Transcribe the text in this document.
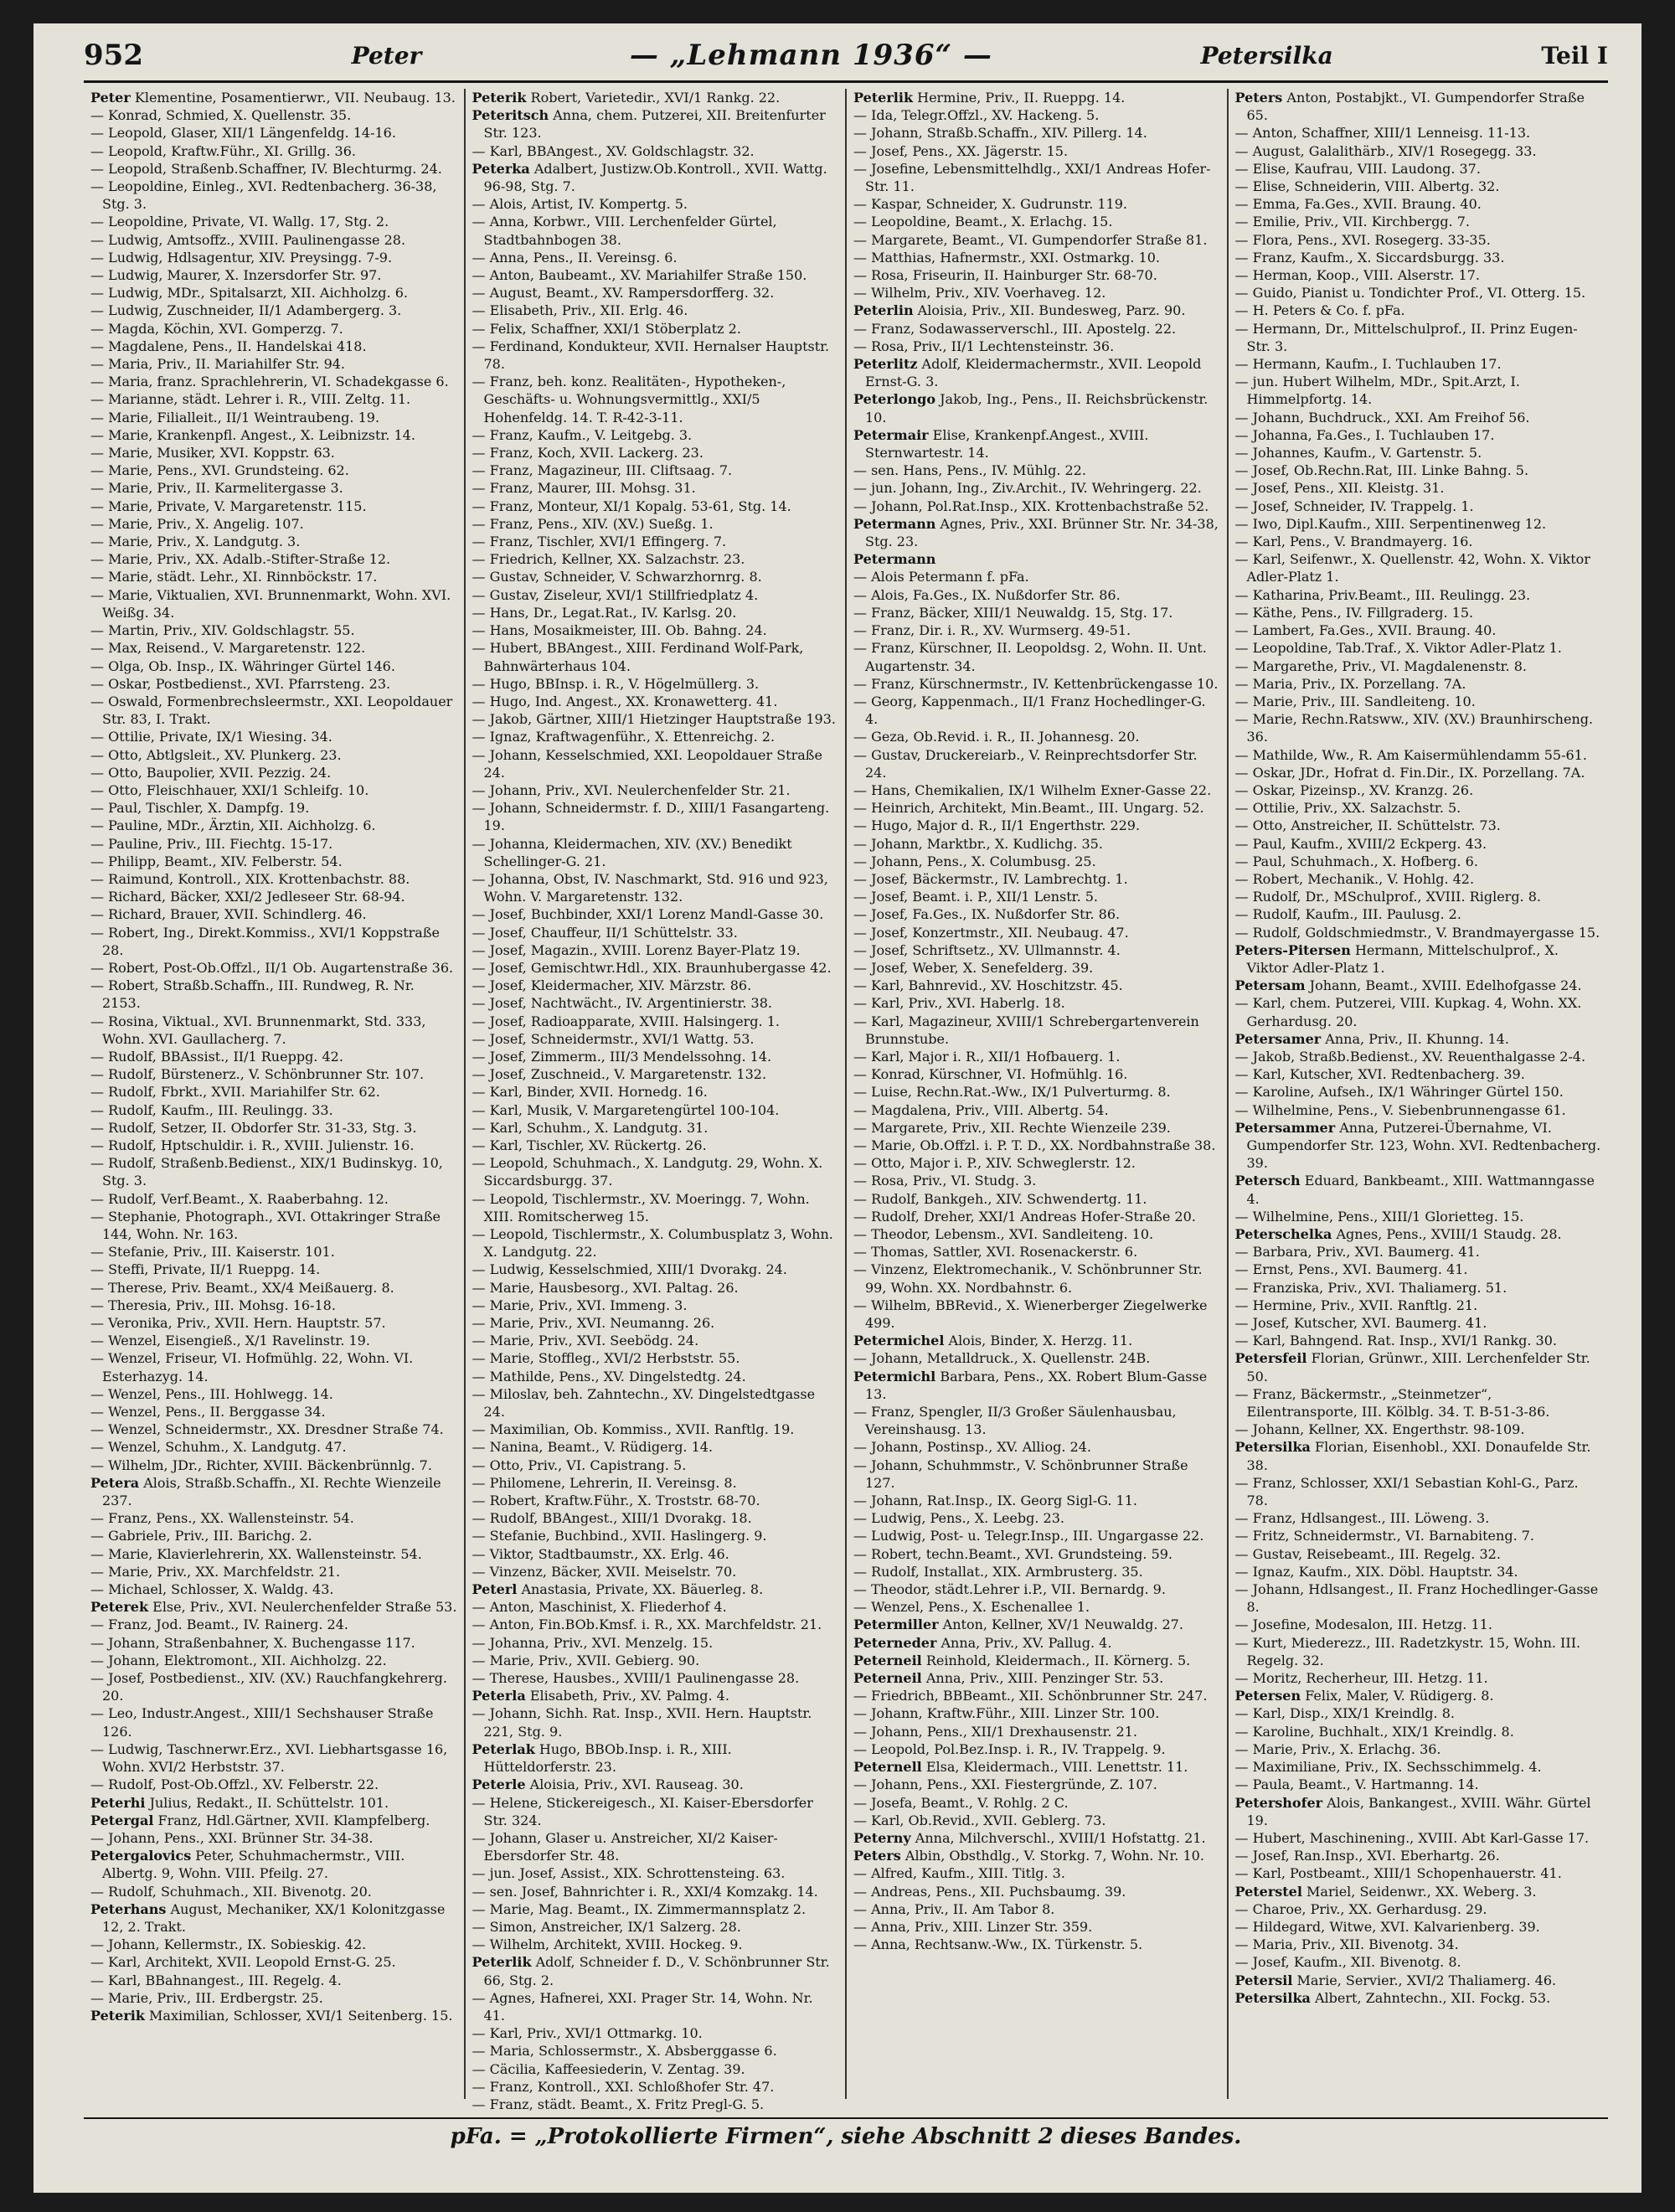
952	Peter	— „Lehmann 1936“ —	Petersilka	Teil I
Peter Klementine, Posamentierwr., VII. Neubaug. 13.
— Konrad, Schmied, X. Quellenstr. 35.
— Leopold, Glaser, XII/1 Längenfeldg. 14-16.
— Leopold, Kraftw.Führ., XI. Grillg. 36.
— Leopold, Straßenb.Schaffner, IV. Blechturmg. 24.
— Leopoldine, Einleg., XVI. Redtenbacherg. 36-38, Stg. 3.
— Leopoldine, Private, VI. Wallg. 17, Stg. 2.
— Ludwig, Amtsoffz., XVIII. Paulinengasse 28.
— Ludwig, Hdlsagentur, XIV. Preysingg. 7-9.
— Ludwig, Maurer, X. Inzersdorfer Str. 97.
— Ludwig, MDr., Spitalsarzt, XII. Aichholzg. 6.
— Ludwig, Zuschneider, II/1 Adambergerg. 3.
— Magda, Köchin, XVI. Gomperzg. 7.
— Magdalene, Pens., II. Handelskai 418.
— Maria, Priv., II. Mariahilfer Str. 94.
— Maria, franz. Sprachlehrerin, VI. Schadekgasse 6.
— Marianne, städt. Lehrer i. R., VIII. Zeltg. 11.
— Marie, Filialleit., II/1 Weintraubeng. 19.
— Marie, Krankenpfl. Angest., X. Leibnizstr. 14.
— Marie, Musiker, XVI. Koppstr. 63.
— Marie, Pens., XVI. Grundsteing. 62.
— Marie, Priv., II. Karmelitergasse 3.
— Marie, Private, V. Margaretenstr. 115.
— Marie, Priv., X. Angelig. 107.
— Marie, Priv., X. Landgutg. 3.
— Marie, Priv., XX. Adalb.-Stifter-Straße 12.
— Marie, städt. Lehr., XI. Rinnböckstr. 17.
— Marie, Viktualien, XVI. Brunnenmarkt, Wohn. XVI. Weißg. 34.
— Martin, Priv., XIV. Goldschlagstr. 55.
— Max, Reisend., V. Margaretenstr. 122.
— Olga, Ob. Insp., IX. Währinger Gürtel 146.
— Oskar, Postbedienst., XVI. Pfarrsteng. 23.
— Oswald, Formenbrechsleermstr., XXI. Leopoldauer Str. 83, I. Trakt.
— Ottilie, Private, IX/1 Wiesing. 34.
— Otto, Abtlgsleit., XV. Plunkerg. 23.
— Otto, Baupolier, XVII. Pezzig. 24.
— Otto, Fleischhauer, XXI/1 Schleifg. 10.
— Paul, Tischler, X. Dampfg. 19.
— Pauline, MDr., Ärztin, XII. Aichholzg. 6.
— Pauline, Priv., III. Fiechtg. 15-17.
— Philipp, Beamt., XIV. Felberstr. 54.
— Raimund, Kontroll., XIX. Krottenbachstr. 88.
— Richard, Bäcker, XXI/2 Jedleseer Str. 68-94.
— Richard, Brauer, XVII. Schindlerg. 46.
— Robert, Ing., Direkt.Kommiss., XVI/1 Koppstraße 28.
— Robert, Post-Ob.Offzl., II/1 Ob. Augartenstraße 36.
— Robert, Straßb.Schaffn., III. Rundweg, R. Nr. 2153.
— Rosina, Viktual., XVI. Brunnenmarkt, Std. 333, Wohn. XVI. Gaullacherg. 7.
— Rudolf, BBAssist., II/1 Rueppg. 42.
— Rudolf, Bürstenerz., V. Schönbrunner Str. 107.
— Rudolf, Fbrkt., XVII. Mariahilfer Str. 62.
— Rudolf, Kaufm., III. Reulingg. 33.
— Rudolf, Setzer, II. Obdorfer Str. 31-33, Stg. 3.
— Rudolf, Hptschuldir. i. R., XVIII. Julienstr. 16.
— Rudolf, Straßenb.Bedienst., XIX/1 Budinskyg. 10, Stg. 3.
— Rudolf, Verf.Beamt., X. Raaberbahng. 12.
— Stephanie, Photograph., XVI. Ottakringer Straße 144, Wohn. Nr. 163.
— Stefanie, Priv., III. Kaiserstr. 101.
— Steffi, Private, II/1 Rueppg. 14.
— Therese, Priv. Beamt., XX/4 Meißauerg. 8.
— Theresia, Priv., III. Mohsg. 16-18.
— Veronika, Priv., XVII. Hern. Hauptstr. 57.
— Wenzel, Eisengieß., X/1 Ravelinstr. 19.
— Wenzel, Friseur, VI. Hofmühlg. 22, Wohn. VI. Esterhazyg. 14.
— Wenzel, Pens., III. Hohlwegg. 14.
— Wenzel, Pens., II. Berggasse 34.
— Wenzel, Schneidermstr., XX. Dresdner Straße 74.
— Wenzel, Schuhm., X. Landgutg. 47.
— Wilhelm, JDr., Richter, XVIII. Bäckenbrünnlg. 7.
Petera Alois, Straßb.Schaffn., XI. Rechte Wienzeile 237.
— Franz, Pens., XX. Wallensteinstr. 54.
— Gabriele, Priv., III. Barichg. 2.
— Marie, Klavierlehrerin, XX. Wallensteinstr. 54.
— Marie, Priv., XX. Marchfeldstr. 21.
— Michael, Schlosser, X. Waldg. 43.
Peterek Else, Priv., XVI. Neulerchenfelder Straße 53.
— Franz, Jod. Beamt., IV. Rainerg. 24.
— Johann, Straßenbahner, X. Buchengasse 117.
— Johann, Elektromont., XII. Aichholzg. 22.
— Josef, Postbedienst., XIV. (XV.) Rauchfangkehrerg. 20.
— Leo, Industr.Angest., XIII/1 Sechshauser Straße 126.
— Ludwig, Taschnerwr.Erz., XVI. Liebhartsgasse 16, Wohn. XVI/2 Herbststr. 37.
— Rudolf, Post-Ob.Offzl., XV. Felberstr. 22.
Peterhi Julius, Redakt., II. Schüttelstr. 101.
Petergal Franz, Hdl.Gärtner, XVII. Klampfelberg.
— Johann, Pens., XXI. Brünner Str. 34-38.
Petergalovics Peter, Schuhmachermstr., VIII. Albertg. 9, Wohn. VIII. Pfeilg. 27.
— Rudolf, Schuhmach., XII. Bivenotg. 20.
Peterhans August, Mechaniker, XX/1 Kolonitzgasse 12, 2. Trakt.
— Johann, Kellermstr., IX. Sobieskig. 42.
— Karl, Architekt, XVII. Leopold Ernst-G. 25.
— Karl, BBahnangest., III. Regelg. 4.
— Marie, Priv., III. Erdbergstr. 25.
Peterik Maximilian, Schlosser, XVI/1 Seitenberg. 15.
Peterik Robert, Varietedir., XVI/1 Rankg. 22.
Peteritsch Anna, chem. Putzerei, XII. Breitenfurter Str. 123.
— Karl, BBAngest., XV. Goldschlagstr. 32.
Peterka Adalbert, Justizw.Ob.Kontroll., XVII. Wattg. 96-98, Stg. 7.
— Alois, Artist, IV. Kompertg. 5.
— Anna, Korbwr., VIII. Lerchenfelder Gürtel, Stadtbahnbogen 38.
— Anna, Pens., II. Vereinsg. 6.
— Anton, Baubeamt., XV. Mariahilfer Straße 150.
— August, Beamt., XV. Rampersdorfferg. 32.
— Elisabeth, Priv., XII. Erlg. 46.
— Felix, Schaffner, XXI/1 Stöberplatz 2.
— Ferdinand, Kondukteur, XVII. Hernalser Hauptstr. 78.
— Franz, beh. konz. Realitäten-, Hypotheken-, Geschäfts- u. Wohnungsvermittlg., XXI/5 Hohenfeldg. 14. T. R-42-3-11.
— Franz, Kaufm., V. Leitgebg. 3.
— Franz, Koch, XVII. Lackerg. 23.
— Franz, Magazineur, III. Cliftsaag. 7.
— Franz, Maurer, III. Mohsg. 31.
— Franz, Monteur, XI/1 Kopalg. 53-61, Stg. 14.
— Franz, Pens., XIV. (XV.) Sueßg. 1.
— Franz, Tischler, XVI/1 Effingerg. 7.
— Friedrich, Kellner, XX. Salzachstr. 23.
— Gustav, Schneider, V. Schwarzhornrg. 8.
— Gustav, Ziseleur, XVI/1 Stillfriedplatz 4.
— Hans, Dr., Legat.Rat., IV. Karlsg. 20.
— Hans, Mosaikmeister, III. Ob. Bahng. 24.
— Hubert, BBAngest., XIII. Ferdinand Wolf-Park, Bahnwärterhaus 104.
— Hugo, BBInsp. i. R., V. Högelmüllerg. 3.
— Hugo, Ind. Angest., XX. Kronawetterg. 41.
— Jakob, Gärtner, XIII/1 Hietzinger Hauptstraße 193.
— Ignaz, Kraftwagenführ., X. Ettenreichg. 2.
— Johann, Kesselschmied, XXI. Leopoldauer Straße 24.
— Johann, Priv., XVI. Neulerchenfelder Str. 21.
— Johann, Schneidermstr. f. D., XIII/1 Fasangarteng. 19.
— Johanna, Kleidermachen, XIV. (XV.) Benedikt Schellinger-G. 21.
— Johanna, Obst, IV. Naschmarkt, Std. 916 und 923, Wohn. V. Margaretenstr. 132.
— Josef, Buchbinder, XXI/1 Lorenz Mandl-Gasse 30.
— Josef, Chauffeur, II/1 Schüttelstr. 33.
— Josef, Magazin., XVIII. Lorenz Bayer-Platz 19.
— Josef, Gemischtwr.Hdl., XIX. Braunhubergasse 42.
— Josef, Kleidermacher, XIV. Märzstr. 86.
— Josef, Nachtwächt., IV. Argentinierstr. 38.
— Josef, Radioapparate, XVIII. Halsingerg. 1.
— Josef, Schneidermstr., XVI/1 Wattg. 53.
— Josef, Zimmerm., III/3 Mendelssohng. 14.
— Josef, Zuschneid., V. Margaretenstr. 132.
— Karl, Binder, XVII. Hornedg. 16.
— Karl, Musik, V. Margaretengürtel 100-104.
— Karl, Schuhm., X. Landgutg. 31.
— Karl, Tischler, XV. Rückertg. 26.
— Leopold, Schuhmach., X. Landgutg. 29, Wohn. X. Siccardsburgg. 37.
— Leopold, Tischlermstr., XV. Moeringg. 7, Wohn. XIII. Romitscherweg 15.
— Leopold, Tischlermstr., X. Columbusplatz 3, Wohn. X. Landgutg. 22.
— Ludwig, Kesselschmied, XIII/1 Dvorakg. 24.
— Marie, Hausbesorg., XVI. Paltag. 26.
— Marie, Priv., XVI. Immeng. 3.
— Marie, Priv., XVI. Neumanng. 26.
— Marie, Priv., XVI. Seebödg. 24.
— Marie, Stoffleg., XVI/2 Herbststr. 55.
— Mathilde, Pens., XV. Dingelstedtg. 24.
— Miloslav, beh. Zahntechn., XV. Dingelstedtgasse 24.
— Maximilian, Ob. Kommiss., XVII. Ranftlg. 19.
— Nanina, Beamt., V. Rüdigerg. 14.
— Otto, Priv., VI. Capistrang. 5.
— Philomene, Lehrerin, II. Vereinsg. 8.
— Robert, Kraftw.Führ., X. Troststr. 68-70.
— Rudolf, BBAngest., XIII/1 Dvorakg. 18.
— Stefanie, Buchbind., XVII. Haslingerg. 9.
— Viktor, Stadtbaumstr., XX. Erlg. 46.
— Vinzenz, Bäcker, XVII. Meiselstr. 70.
Peterl Anastasia, Private, XX. Bäuerleg. 8.
— Anton, Maschinist, X. Fliederhof 4.
— Anton, Fin.BOb.Kmsf. i. R., XX. Marchfeldstr. 21.
— Johanna, Priv., XVI. Menzelg. 15.
— Marie, Priv., XVII. Gebierg. 90.
— Therese, Hausbes., XVIII/1 Paulinengasse 28.
Peterla Elisabeth, Priv., XV. Palmg. 4.
— Johann, Sichh. Rat. Insp., XVII. Hern. Hauptstr. 221, Stg. 9.
Peterlak Hugo, BBOb.Insp. i. R., XIII. Hütteldorferstr. 23.
Peterle Aloisia, Priv., XVI. Rauseag. 30.
— Helene, Stickereigesch., XI. Kaiser-Ebersdorfer Str. 324.
— Johann, Glaser u. Anstreicher, XI/2 Kaiser-Ebersdorfer Str. 48.
— jun. Josef, Assist., XIX. Schrottensteing. 63.
— sen. Josef, Bahnrichter i. R., XXI/4 Komzakg. 14.
— Marie, Mag. Beamt., IX. Zimmermannsplatz 2.
— Simon, Anstreicher, IX/1 Salzerg. 28.
— Wilhelm, Architekt, XVIII. Hockeg. 9.
Peterlik Adolf, Schneider f. D., V. Schönbrunner Str. 66, Stg. 2.
— Agnes, Hafnerei, XXI. Prager Str. 14, Wohn. Nr. 41.
— Karl, Priv., XVI/1 Ottmarkg. 10.
— Maria, Schlossermstr., X. Absberggasse 6.
— Cäcilia, Kaffeesiederin, V. Zentag. 39.
— Franz, Kontroll., XXI. Schloßhofer Str. 47.
— Franz, städt. Beamt., X. Fritz Pregl-G. 5.
Peterlik Hermine, Priv., II. Rueppg. 14.
— Ida, Telegr.Offzl., XV. Hackeng. 5.
— Johann, Straßb.Schaffn., XIV. Pillerg. 14.
— Josef, Pens., XX. Jägerstr. 15.
— Josefine, Lebensmittelhdlg., XXI/1 Andreas Hofer-Str. 11.
— Kaspar, Schneider, X. Gudrunstr. 119.
— Leopoldine, Beamt., X. Erlachg. 15.
— Margarete, Beamt., VI. Gumpendorfer Straße 81.
— Matthias, Hafnermstr., XXI. Ostmarkg. 10.
— Rosa, Friseurin, II. Hainburger Str. 68-70.
— Wilhelm, Priv., XIV. Voerhaveg. 12.
Peterlin Aloisia, Priv., XII. Bundesweg, Parz. 90.
— Franz, Sodawasserverschl., III. Apostelg. 22.
— Rosa, Priv., II/1 Lechtensteinstr. 36.
Peterlitz Adolf, Kleidermachermstr., XVII. Leopold Ernst-G. 3.
Peterlongo Jakob, Ing., Pens., II. Reichsbrückenstr. 10.
Petermair Elise, Krankenpf.Angest., XVIII. Sternwartestr. 14.
— sen. Hans, Pens., IV. Mühlg. 22.
— jun. Johann, Ing., Ziv.Archit., IV. Wehringerg. 22.
— Johann, Pol.Rat.Insp., XIX. Krottenbachstraße 52.
Petermann Agnes, Priv., XXI. Brünner Str. Nr. 34-38, Stg. 23.
Petermann
— Alois Petermann f. pFa.
— Alois, Fa.Ges., IX. Nußdorfer Str. 86.
— Franz, Bäcker, XIII/1 Neuwaldg. 15, Stg. 17.
— Franz, Dir. i. R., XV. Wurmserg. 49-51.
— Franz, Kürschner, II. Leopoldsg. 2, Wohn. II. Unt. Augartenstr. 34.
— Franz, Kürschnermstr., IV. Kettenbrückengasse 10.
— Georg, Kappenmach., II/1 Franz Hochedlinger-G. 4.
— Geza, Ob.Revid. i. R., II. Johannesg. 20.
— Gustav, Druckereiarb., V. Reinprechtsdorfer Str. 24.
— Hans, Chemikalien, IX/1 Wilhelm Exner-Gasse 22.
— Heinrich, Architekt, Min.Beamt., III. Ungarg. 52.
— Hugo, Major d. R., II/1 Engerthstr. 229.
— Johann, Marktbr., X. Kudlichg. 35.
— Johann, Pens., X. Columbusg. 25.
— Josef, Bäckermstr., IV. Lambrechtg. 1.
— Josef, Beamt. i. P., XII/1 Lenstr. 5.
— Josef, Fa.Ges., IX. Nußdorfer Str. 86.
— Josef, Konzertmstr., XII. Neubaug. 47.
— Josef, Schriftsetz., XV. Ullmannstr. 4.
— Josef, Weber, X. Senefelderg. 39.
— Karl, Bahnrevid., XV. Hoschitzstr. 45.
— Karl, Priv., XVI. Haberlg. 18.
— Karl, Magazineur, XVIII/1 Schrebergartenverein Brunnstube.
— Karl, Major i. R., XII/1 Hofbauerg. 1.
— Konrad, Kürschner, VI. Hofmühlg. 16.
— Luise, Rechn.Rat.-Ww., IX/1 Pulverturmg. 8.
— Magdalena, Priv., VIII. Albertg. 54.
— Margarete, Priv., XII. Rechte Wienzeile 239.
— Marie, Ob.Offzl. i. P. T. D., XX. Nordbahnstraße 38.
— Otto, Major i. P., XIV. Schweglerstr. 12.
— Rosa, Priv., VI. Studg. 3.
— Rudolf, Bankgeh., XIV. Schwendertg. 11.
— Rudolf, Dreher, XXI/1 Andreas Hofer-Straße 20.
— Theodor, Lebensm., XVI. Sandleiteng. 10.
— Thomas, Sattler, XVI. Rosenackerstr. 6.
— Vinzenz, Elektromechanik., V. Schönbrunner Str. 99, Wohn. XX. Nordbahnstr. 6.
— Wilhelm, BBRevid., X. Wienerberger Ziegelwerke 499.
Petermichel Alois, Binder, X. Herzg. 11.
— Johann, Metalldruck., X. Quellenstr. 24B.
Petermichl Barbara, Pens., XX. Robert Blum-Gasse 13.
— Franz, Spengler, II/3 Großer Säulenhausbau, Vereinshausg. 13.
— Johann, Postinsp., XV. Alliog. 24.
— Johann, Schuhmmstr., V. Schönbrunner Straße 127.
— Johann, Rat.Insp., IX. Georg Sigl-G. 11.
— Ludwig, Pens., X. Leebg. 23.
— Ludwig, Post- u. Telegr.Insp., III. Ungargasse 22.
— Robert, techn.Beamt., XVI. Grundsteing. 59.
— Rudolf, Installat., XIX. Armbrusterg. 35.
— Theodor, städt.Lehrer i.P., VII. Bernardg. 9.
— Wenzel, Pens., X. Eschenallee 1.
Petermiller Anton, Kellner, XV/1 Neuwaldg. 27.
Peterneder Anna, Priv., XV. Pallug. 4.
Peterneil Reinhold, Kleidermach., II. Körnerg. 5.
Peterneil Anna, Priv., XIII. Penzinger Str. 53.
— Friedrich, BBBeamt., XII. Schönbrunner Str. 247.
— Johann, Kraftw.Führ., XIII. Linzer Str. 100.
— Johann, Pens., XII/1 Drexhausenstr. 21.
— Leopold, Pol.Bez.Insp. i. R., IV. Trappelg. 9.
Peternell Elsa, Kleidermach., VIII. Lenettstr. 11.
— Johann, Pens., XXI. Fiestergründe, Z. 107.
— Josefa, Beamt., V. Rohlg. 2 C.
— Karl, Ob.Revid., XVII. Geblerg. 73.
Peterny Anna, Milchverschl., XVIII/1 Hofstattg. 21.
Peters Albin, Obsthdlg., V. Storkg. 7, Wohn. Nr. 10.
— Alfred, Kaufm., XIII. Titlg. 3.
— Andreas, Pens., XII. Puchsbaumg. 39.
— Anna, Priv., II. Am Tabor 8.
— Anna, Priv., XIII. Linzer Str. 359.
— Anna, Rechtsanw.-Ww., IX. Türkenstr. 5.
Peters Anton, Postabjkt., VI. Gumpendorfer Straße 65.
— Anton, Schaffner, XIII/1 Lenneisg. 11-13.
— August, Galalithärb., XIV/1 Rosegegg. 33.
— Elise, Kaufrau, VIII. Laudong. 37.
— Elise, Schneiderin, VIII. Albertg. 32.
— Emma, Fa.Ges., XVII. Braung. 40.
— Emilie, Priv., VII. Kirchbergg. 7.
— Flora, Pens., XVI. Rosegerg. 33-35.
— Franz, Kaufm., X. Siccardsburgg. 33.
— Herman, Koop., VIII. Alserstr. 17.
— Guido, Pianist u. Tondichter Prof., VI. Otterg. 15.
— H. Peters & Co. f. pFa.
— Hermann, Dr., Mittelschulprof., II. Prinz Eugen-Str. 3.
— Hermann, Kaufm., I. Tuchlauben 17.
— jun. Hubert Wilhelm, MDr., Spit.Arzt, I. Himmelpfortg. 14.
— Johann, Buchdruck., XXI. Am Freihof 56.
— Johanna, Fa.Ges., I. Tuchlauben 17.
— Johannes, Kaufm., V. Gartenstr. 5.
— Josef, Ob.Rechn.Rat, III. Linke Bahng. 5.
— Josef, Pens., XII. Kleistg. 31.
— Josef, Schneider, IV. Trappelg. 1.
— Iwo, Dipl.Kaufm., XIII. Serpentinenweg 12.
— Karl, Pens., V. Brandmayerg. 16.
— Karl, Seifenwr., X. Quellenstr. 42, Wohn. X. Viktor Adler-Platz 1.
— Katharina, Priv.Beamt., III. Reulingg. 23.
— Käthe, Pens., IV. Fillgraderg. 15.
— Lambert, Fa.Ges., XVII. Braung. 40.
— Leopoldine, Tab.Traf., X. Viktor Adler-Platz 1.
— Margarethe, Priv., VI. Magdalenenstr. 8.
— Maria, Priv., IX. Porzellang. 7A.
— Marie, Priv., III. Sandleiteng. 10.
— Marie, Rechn.Ratsww., XIV. (XV.) Braunhirscheng. 36.
— Mathilde, Ww., R. Am Kaisermühlendamm 55-61.
— Oskar, JDr., Hofrat d. Fin.Dir., IX. Porzellang. 7A.
— Oskar, Pizeinsp., XV. Kranzg. 26.
— Ottilie, Priv., XX. Salzachstr. 5.
— Otto, Anstreicher, II. Schüttelstr. 73.
— Paul, Kaufm., XVIII/2 Eckperg. 43.
— Paul, Schuhmach., X. Hofberg. 6.
— Robert, Mechanik., V. Hohlg. 42.
— Rudolf, Dr., MSchulprof., XVIII. Riglerg. 8.
— Rudolf, Kaufm., III. Paulusg. 2.
— Rudolf, Goldschmiedmstr., V. Brandmayergasse 15.
Peters-Pitersen Hermann, Mittelschulprof., X. Viktor Adler-Platz 1.
Petersam Johann, Beamt., XVIII. Edelhofgasse 24.
— Karl, chem. Putzerei, VIII. Kupkag. 4, Wohn. XX. Gerhardusg. 20.
Petersamer Anna, Priv., II. Khunng. 14.
— Jakob, Straßb.Bedienst., XV. Reuenthalgasse 2-4.
— Karl, Kutscher, XVI. Redtenbacherg. 39.
— Karoline, Aufseh., IX/1 Währinger Gürtel 150.
— Wilhelmine, Pens., V. Siebenbrunnengasse 61.
Petersammer Anna, Putzerei-Übernahme, VI. Gumpendorfer Str. 123, Wohn. XVI. Redtenbacherg. 39.
Petersch Eduard, Bankbeamt., XIII. Wattmanngasse 4.
— Wilhelmine, Pens., XIII/1 Glorietteg. 15.
Peterschelka Agnes, Pens., XVIII/1 Staudg. 28.
— Barbara, Priv., XVI. Baumerg. 41.
— Ernst, Pens., XVI. Baumerg. 41.
— Franziska, Priv., XVI. Thaliamerg. 51.
— Hermine, Priv., XVII. Ranftlg. 21.
— Josef, Kutscher, XVI. Baumerg. 41.
— Karl, Bahngend. Rat. Insp., XVI/1 Rankg. 30.
Petersfeil Florian, Grünwr., XIII. Lerchenfelder Str. 50.
— Franz, Bäckermstr., „Steinmetzer“, Eilentransporte, III. Kölblg. 34. T. B-51-3-86.
— Johann, Kellner, XX. Engerthstr. 98-109.
Petersilka Florian, Eisenhobl., XXI. Donaufelde Str. 38.
— Franz, Schlosser, XXI/1 Sebastian Kohl-G., Parz. 78.
— Franz, Hdlsangest., III. Löweng. 3.
— Fritz, Schneidermstr., VI. Barnabiteng. 7.
— Gustav, Reisebeamt., III. Regelg. 32.
— Ignaz, Kaufm., XIX. Döbl. Hauptstr. 34.
— Johann, Hdlsangest., II. Franz Hochedlinger-Gasse 8.
— Josefine, Modesalon, III. Hetzg. 11.
— Kurt, Miederezz., III. Radetzkystr. 15, Wohn. III. Regelg. 32.
— Moritz, Recherheur, III. Hetzg. 11.
Petersen Felix, Maler, V. Rüdigerg. 8.
— Karl, Disp., XIX/1 Kreindlg. 8.
— Karoline, Buchhalt., XIX/1 Kreindlg. 8.
— Marie, Priv., X. Erlachg. 36.
— Maximiliane, Priv., IX. Sechsschimmelg. 4.
— Paula, Beamt., V. Hartmanng. 14.
Petershofer Alois, Bankangest., XVIII. Währ. Gürtel 19.
— Hubert, Maschinening., XVIII. Abt Karl-Gasse 17.
— Josef, Ran.Insp., XVI. Eberhartg. 26.
— Karl, Postbeamt., XIII/1 Schopenhauerstr. 41.
Peterstel Mariel, Seidenwr., XX. Weberg. 3.
— Charoe, Priv., XX. Gerhardusg. 29.
— Hildegard, Witwe, XVI. Kalvarienberg. 39.
— Maria, Priv., XII. Bivenotg. 34.
— Josef, Kaufm., XII. Bivenotg. 8.
Petersil Marie, Servier., XVI/2 Thaliamerg. 46.
Petersilka Albert, Zahntechn., XII. Fockg. 53.
pFa. = „Protokollierte Firmen“, siehe Abschnitt 2 dieses Bandes.
